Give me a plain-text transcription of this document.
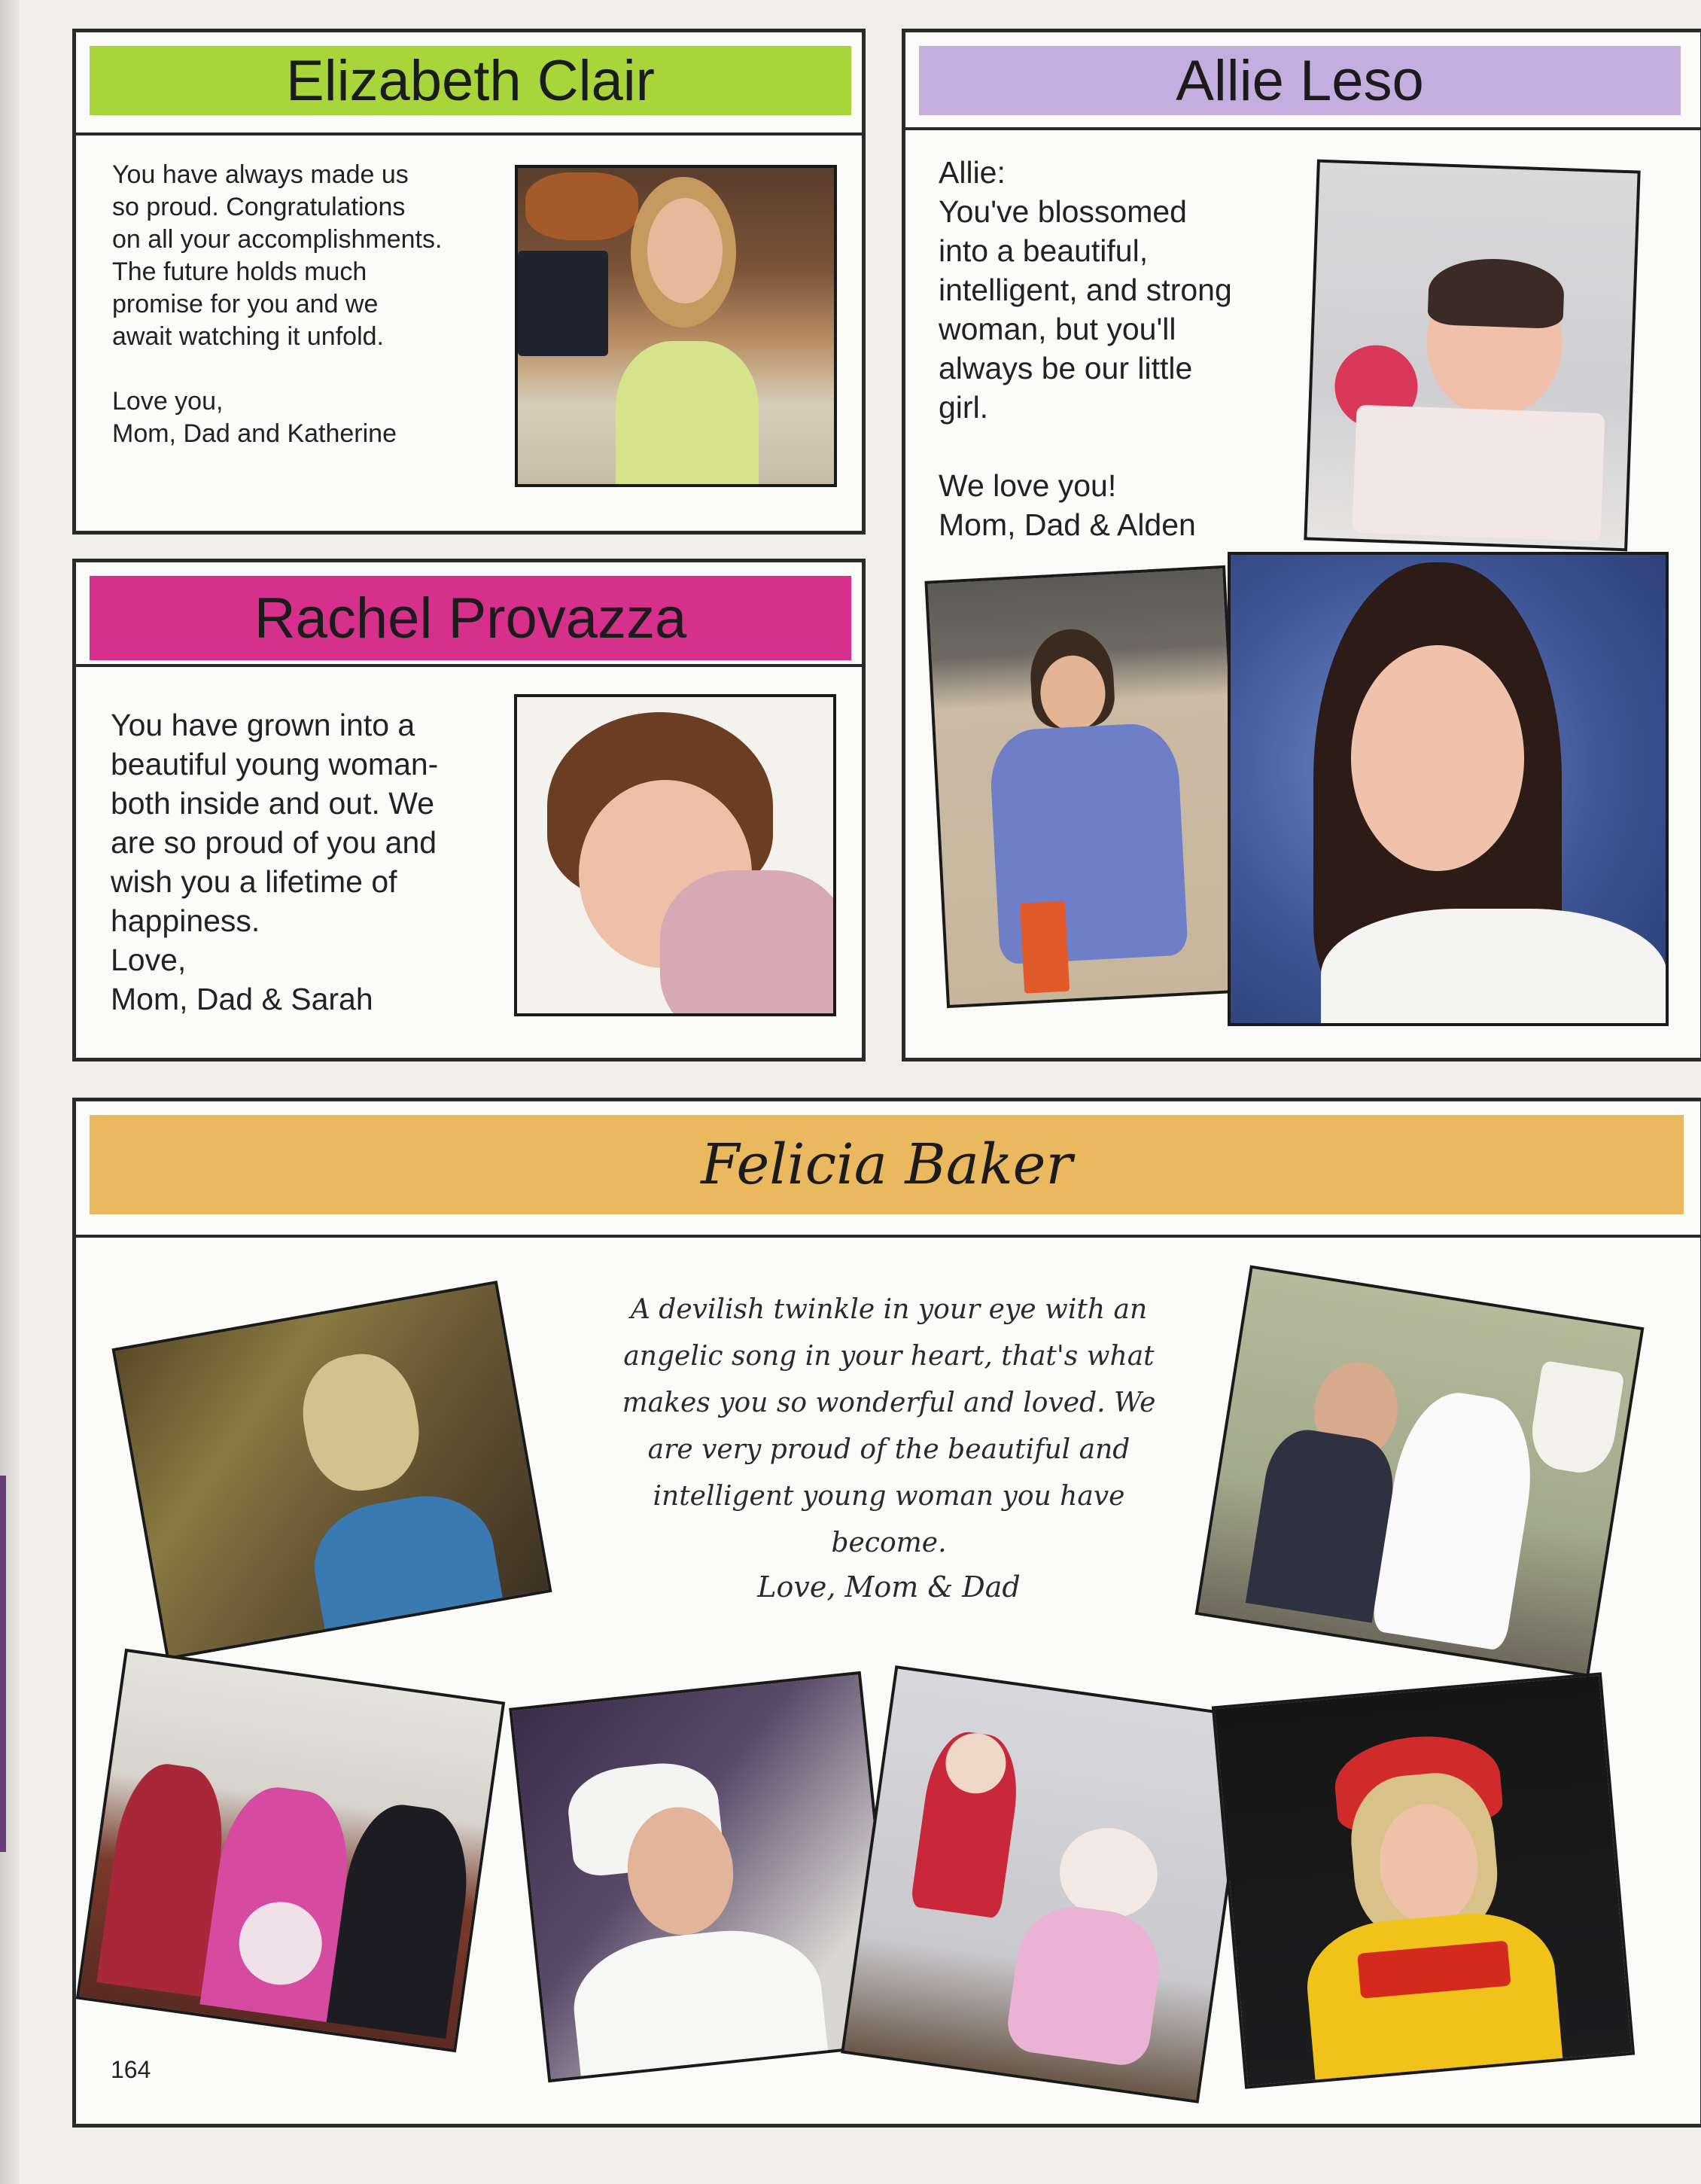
Elizabeth Clair
You have always made us
so proud. Congratulations
on all your accomplishments.
The future holds much
promise for you and we
await watching it unfold.

Love you,
Mom, Dad and Katherine
Rachel Provazza
You have grown into a
beautiful young woman-
both inside and out. We
are so proud of you and
wish you a lifetime of
happiness.
Love,
Mom, Dad & Sarah
Allie Leso
Allie:
You've blossomed
into a beautiful,
intelligent, and strong
woman, but you'll
always be our little
girl.

We love you!
Mom, Dad & Alden
Felicia Baker
A devilish twinkle in your eye with an
angelic song in your heart, that's what
makes you so wonderful and loved. We
are very proud of the beautiful and
intelligent young woman you have
become.
Love, Mom & Dad
164
